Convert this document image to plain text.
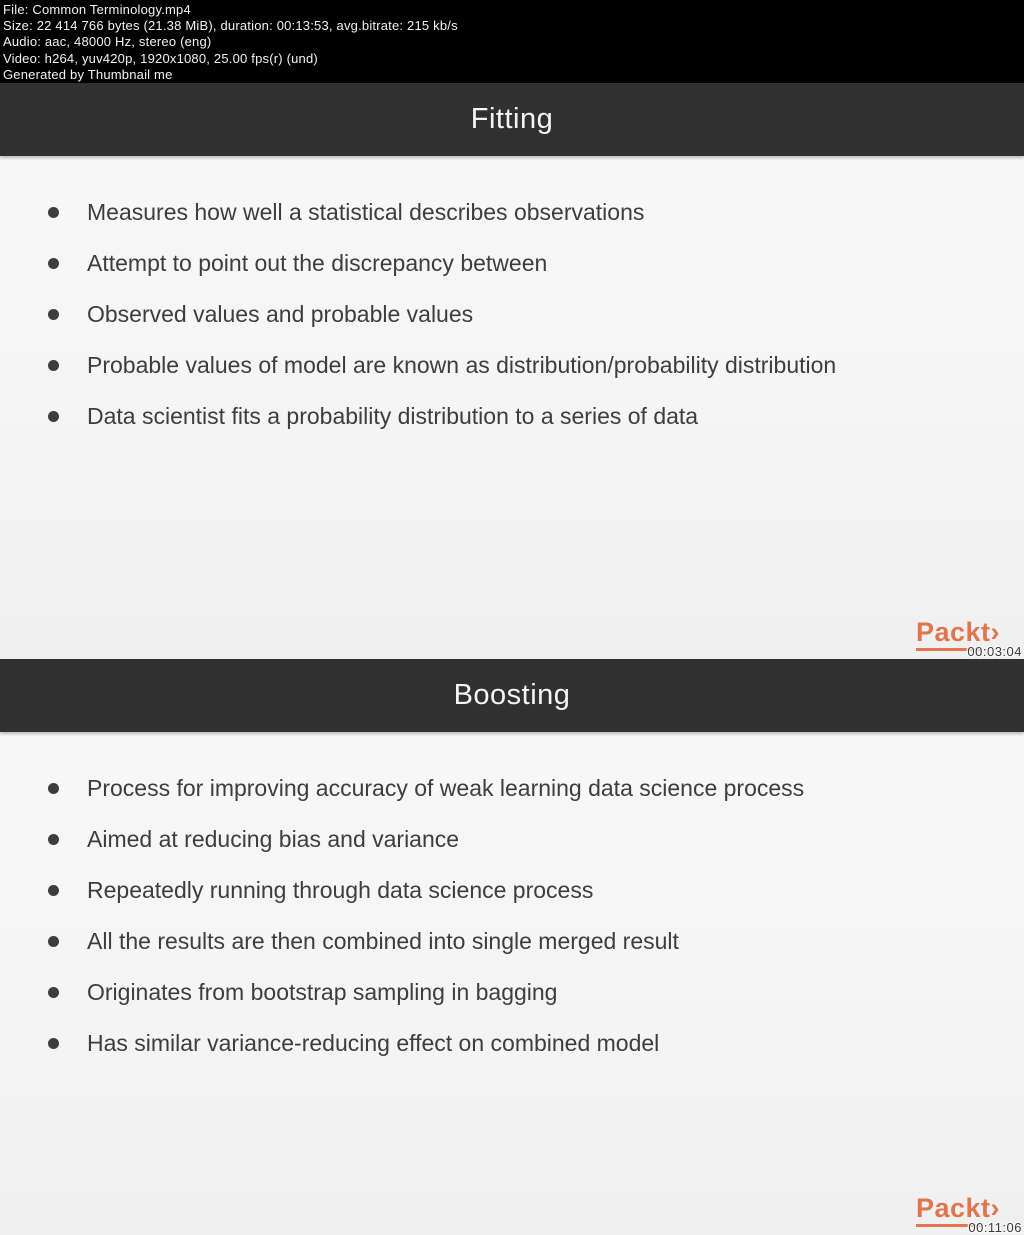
File: Common Terminology.mp4
Size: 22 414 766 bytes (21.38 MiB), duration: 00:13:53, avg.bitrate: 215 kb/s
Audio: aac, 48000 Hz, stereo (eng)
Video: h264, yuv420p, 1920x1080, 25.00 fps(r) (und)
Generated by Thumbnail me
Fitting
Measures how well a statistical describes observations
Attempt to point out the discrepancy between
Observed values and probable values
Probable values of model are known as distribution/probability distribution
Data scientist fits a probability distribution to a series of data
Packt›
00:03:04
Boosting
Process for improving accuracy of weak learning data science process
Aimed at reducing bias and variance
Repeatedly running through data science process
All the results are then combined into single merged result
Originates from bootstrap sampling in bagging
Has similar variance-reducing effect on combined model
Packt›
00:11:06
